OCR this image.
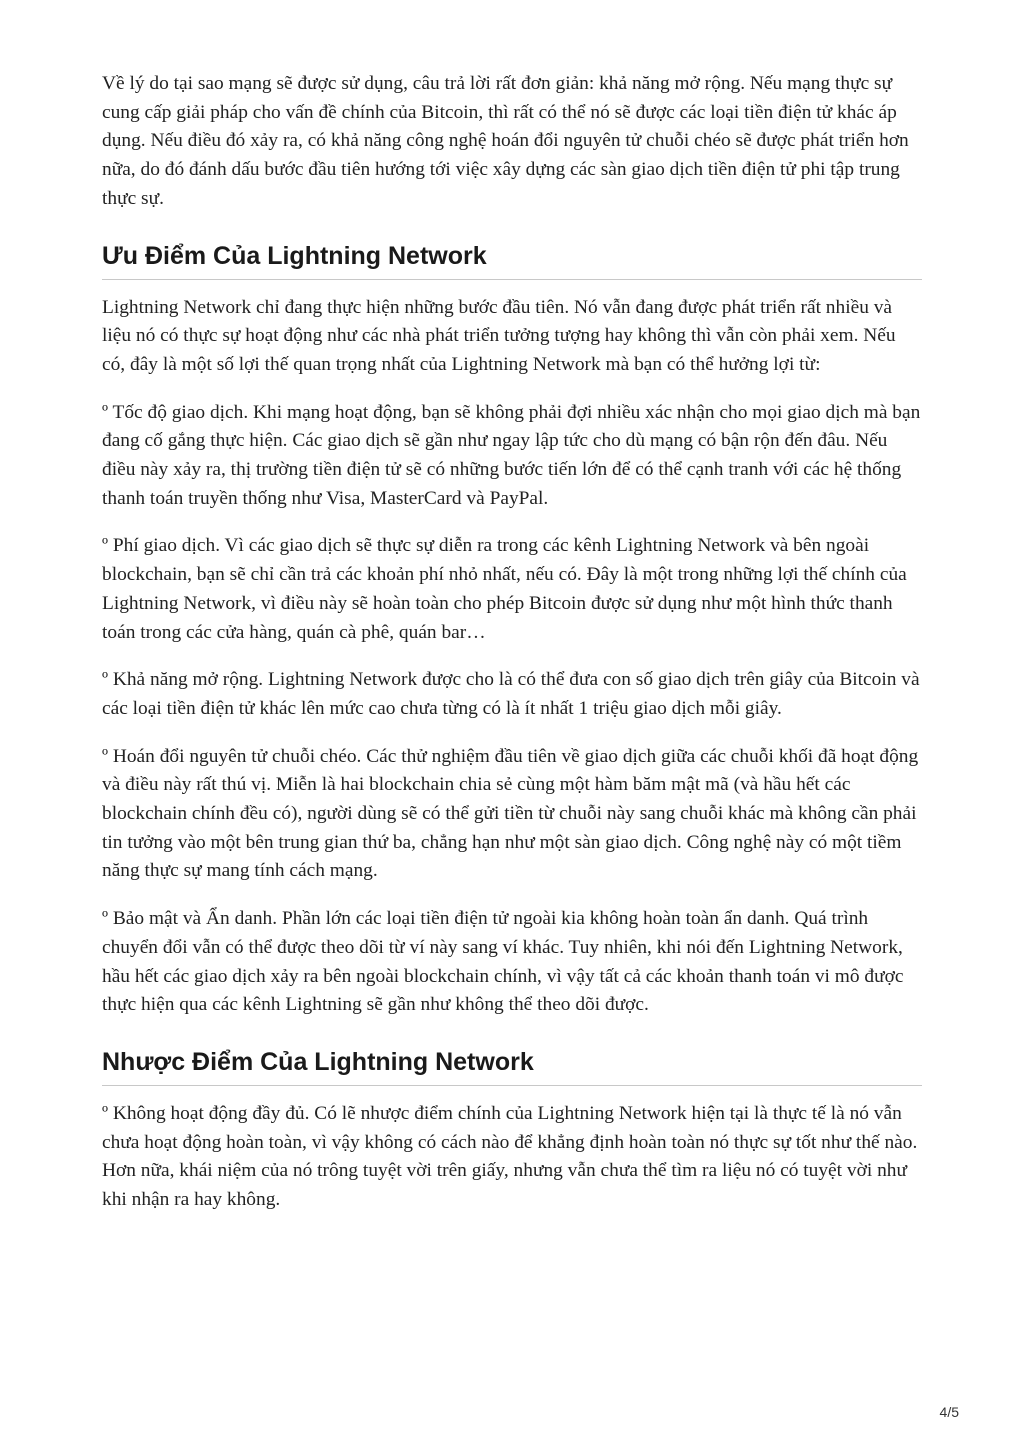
Về lý do tại sao mạng sẽ được sử dụng, câu trả lời rất đơn giản: khả năng mở rộng. Nếu mạng thực sự cung cấp giải pháp cho vấn đề chính của Bitcoin, thì rất có thể nó sẽ được các loại tiền điện tử khác áp dụng. Nếu điều đó xảy ra, có khả năng công nghệ hoán đổi nguyên tử chuỗi chéo sẽ được phát triển hơn nữa, do đó đánh dấu bước đầu tiên hướng tới việc xây dựng các sàn giao dịch tiền điện tử phi tập trung thực sự.

Ưu Điểm Của Lightning Network

Lightning Network chỉ đang thực hiện những bước đầu tiên. Nó vẫn đang được phát triển rất nhiều và liệu nó có thực sự hoạt động như các nhà phát triển tưởng tượng hay không thì vẫn còn phải xem. Nếu có, đây là một số lợi thế quan trọng nhất của Lightning Network mà bạn có thể hưởng lợi từ:

º Tốc độ giao dịch. Khi mạng hoạt động, bạn sẽ không phải đợi nhiều xác nhận cho mọi giao dịch mà bạn đang cố gắng thực hiện. Các giao dịch sẽ gần như ngay lập tức cho dù mạng có bận rộn đến đâu. Nếu điều này xảy ra, thị trường tiền điện tử sẽ có những bước tiến lớn để có thể cạnh tranh với các hệ thống thanh toán truyền thống như Visa, MasterCard và PayPal.

º Phí giao dịch. Vì các giao dịch sẽ thực sự diễn ra trong các kênh Lightning Network và bên ngoài blockchain, bạn sẽ chỉ cần trả các khoản phí nhỏ nhất, nếu có. Đây là một trong những lợi thế chính của Lightning Network, vì điều này sẽ hoàn toàn cho phép Bitcoin được sử dụng như một hình thức thanh toán trong các cửa hàng, quán cà phê, quán bar…

º Khả năng mở rộng. Lightning Network được cho là có thể đưa con số giao dịch trên giây của Bitcoin và các loại tiền điện tử khác lên mức cao chưa từng có là ít nhất 1 triệu giao dịch mỗi giây.

º Hoán đổi nguyên tử chuỗi chéo. Các thử nghiệm đầu tiên về giao dịch giữa các chuỗi khối đã hoạt động và điều này rất thú vị. Miễn là hai blockchain chia sẻ cùng một hàm băm mật mã (và hầu hết các blockchain chính đều có), người dùng sẽ có thể gửi tiền từ chuỗi này sang chuỗi khác mà không cần phải tin tưởng vào một bên trung gian thứ ba, chẳng hạn như một sàn giao dịch. Công nghệ này có một tiềm năng thực sự mang tính cách mạng.

º Bảo mật và Ẩn danh. Phần lớn các loại tiền điện tử ngoài kia không hoàn toàn ẩn danh. Quá trình chuyển đổi vẫn có thể được theo dõi từ ví này sang ví khác. Tuy nhiên, khi nói đến Lightning Network, hầu hết các giao dịch xảy ra bên ngoài blockchain chính, vì vậy tất cả các khoản thanh toán vi mô được thực hiện qua các kênh Lightning sẽ gần như không thể theo dõi được.

Nhược Điểm Của Lightning Network

º Không hoạt động đầy đủ. Có lẽ nhược điểm chính của Lightning Network hiện tại là thực tế là nó vẫn chưa hoạt động hoàn toàn, vì vậy không có cách nào để khẳng định hoàn toàn nó thực sự tốt như thế nào. Hơn nữa, khái niệm của nó trông tuyệt vời trên giấy, nhưng vẫn chưa thể tìm ra liệu nó có tuyệt vời như khi nhận ra hay không.

4/5
